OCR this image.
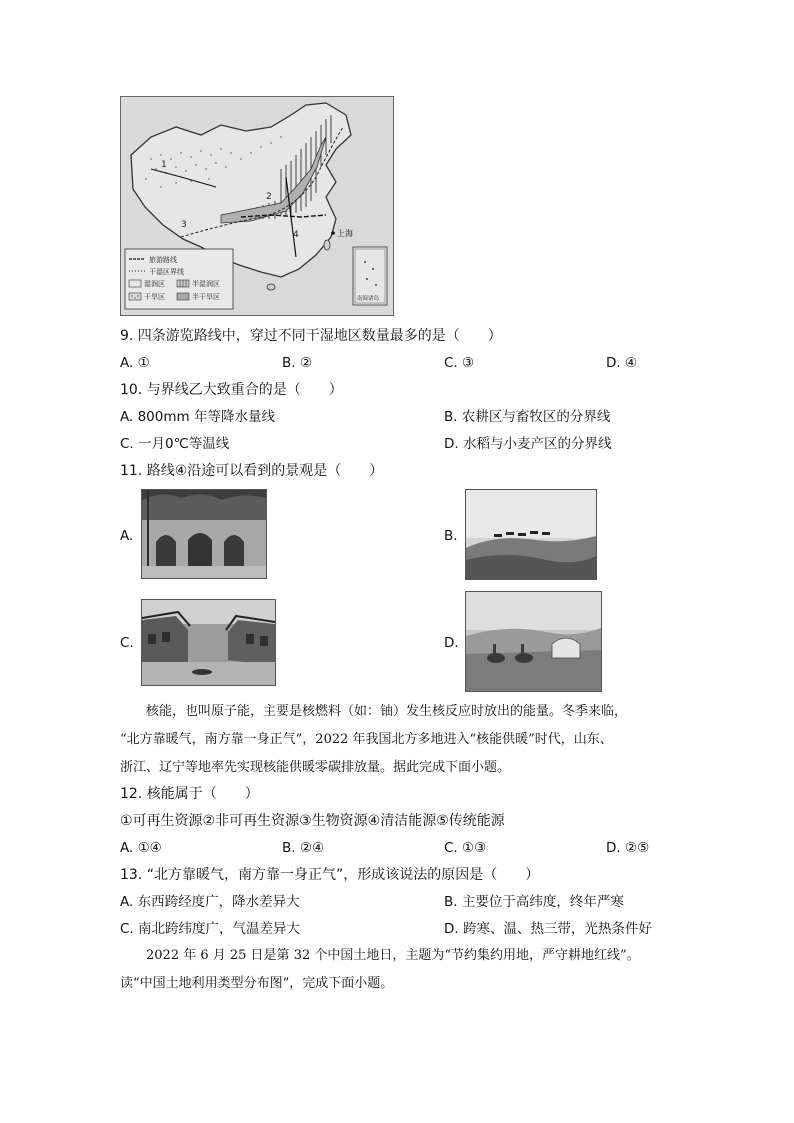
1
2
3
4	上海
旅游路线
干湿区界线
湿润区	半湿润区
干旱区	半干旱区	南海诸岛
9. 四条游览路线中，穿过不同干湿地区数量最多的是（　　）
A. ①	B. ②	C. ③	D. ④
10. 与界线乙大致重合的是（　　）
A. 800mm 年等降水量线	B. 农耕区与畜牧区的分界线
C. 一月0℃等温线	D. 水稻与小麦产区的分界线
11. 路线④沿途可以看到的景观是（　　）
A.	B.
C.	D.
核能，也叫原子能，主要是核燃料（如：铀）发生核反应时放出的能量。冬季来临，
“北方靠暖气，南方靠一身正气”，2022 年我国北方多地进入“核能供暖”时代，山东、
浙江、辽宁等地率先实现核能供暖零碳排放量。据此完成下面小题。
12. 核能属于（　　）
①可再生资源②非可再生资源③生物资源④清洁能源⑤传统能源
A. ①④	B. ②④	C. ①③	D. ②⑤
13. “北方靠暖气，南方靠一身正气”，形成该说法的原因是（　　）
A. 东西跨经度广，降水差异大	B. 主要位于高纬度，终年严寒
C. 南北跨纬度广，气温差异大	D. 跨寒、温、热三带，光热条件好
2022 年 6 月 25 日是第 32 个中国土地日，主题为“节约集约用地，严守耕地红线”。
读“中国土地利用类型分布图”，完成下面小题。
